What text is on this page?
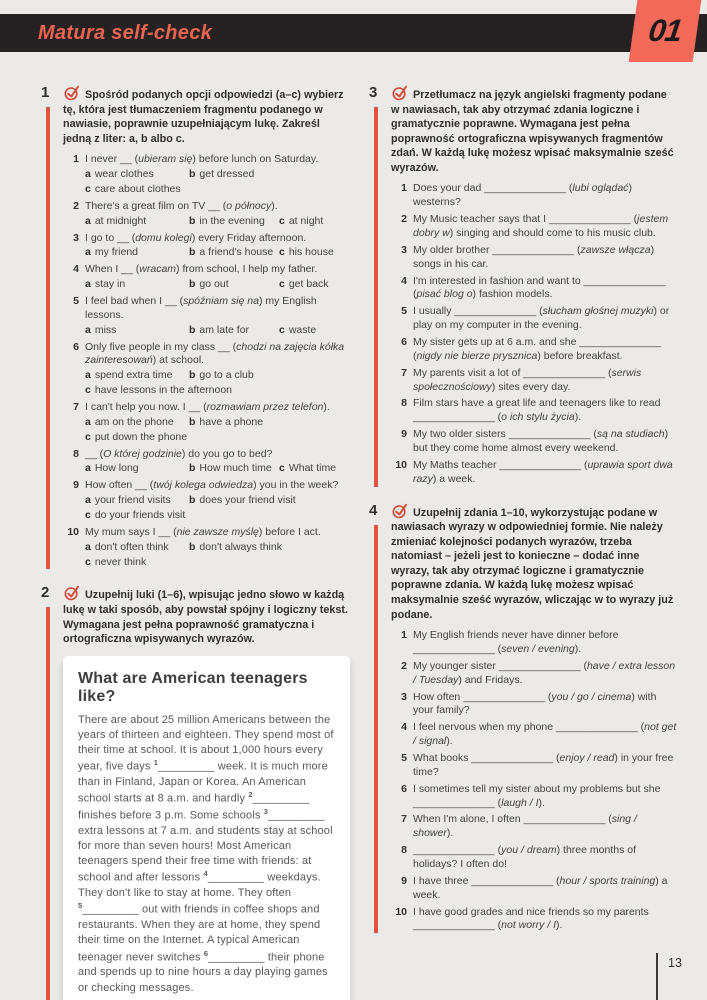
Matura self-check	01
1	Spośród podanych opcji odpowiedzi (a–c) wybierz tę, która jest tłumaczeniem fragmentu podanego w nawiasie, poprawnie uzupełniającym lukę. Zakreśl jedną z liter: a, b albo c.

1 I never __ (ubieram się) before lunch on Saturday.
a wear clothes	b get dressed
c care about clothes
2 There's a great film on TV __ (o północy).
a at midnight	b in the evening c at night
3 I go to __ (domu kolegi) every Friday afternoon.
a my friend	b a friend's house c his house
4 When I __ (wracam) from school, I help my father.
a stay in	b go out	c get back
5 I feel bad when I __ (spóźniam się na) my English lessons.
a miss	b am late for	c waste
6 Only five people in my class __ (chodzi na zajęcia kółka zainteresowań) at school.
a spend extra time b go to a club
c have lessons in the afternoon
7 I can't help you now. I __ (rozmawiam przez telefon).
a am on the phone b have a phone
c put down the phone
8 __ (O której godzinie) do you go to bed?
a How long	b How much time c What time
9 How often __ (twój kolega odwiedza) you in the week?
a your friend visits b does your friend visit
c do your friends visit
10 My mum says I __ (nie zawsze myślę) before I act.
a don't often think b don't always think
c never think
2	Uzupełnij luki (1–6), wpisując jedno słowo w każdą lukę w taki sposób, aby powstał spójny i logiczny tekst. Wymagana jest pełna poprawność gramatyczna i ortograficzna wpisywanych wyrazów.

What are American teenagers like?

There are about 25 million Americans between the years of thirteen and eighteen. They spend most of their time at school. It is about 1,000 hours every year, five days $^1$_________ week. It is much more than in Finland, Japan or Korea. An American school starts at 8 a.m. and hardly $^2$_________ finishes before 3 p.m. Some schools $^3$_________ extra lessons at 7 a.m. and students stay at school for more than seven hours! Most American teenagers spend their free time with friends: at school and after lessons $^4$_________ weekdays. They don't like to stay at home. They often $^5$_________ out with friends in coffee shops and restaurants. When they are at home, they spend their time on the Internet. A typical American teenager never switches $^6$_________ their phone and spends up to nine hours a day playing games or checking messages.

3	Przetłumacz na język angielski fragmenty podane w nawiasach, tak aby otrzymać zdania logiczne i gramatycznie poprawne. Wymagana jest pełna poprawność ortograficzna wpisywanych fragmentów zdań. W każdą lukę możesz wpisać maksymalnie sześć wyrazów.

1 Does your dad ______________ (lubi oglądać) westerns?
2 My Music teacher says that I ______________ (jestem dobry w) singing and should come to his music club.
3 My older brother ______________ (zawsze włącza) songs in his car.
4 I'm interested in fashion and want to ______________ (pisać blog o) fashion models.
5 I usually ______________ (słucham głośnej muzyki) or play on my computer in the evening.
6 My sister gets up at 6 a.m. and she ______________ (nigdy nie bierze prysznica) before breakfast.
7 My parents visit a lot of ______________ (serwis społecznościowy) sites every day.
8 Film stars have a great life and teenagers like to read ______________ (o ich stylu życia).
9 My two older sisters ______________ (są na studiach) but they come home almost every weekend.
10 My Maths teacher ______________ (uprawia sport dwa razy) a week.
4	Uzupełnij zdania 1–10, wykorzystując podane w nawiasach wyrazy w odpowiedniej formie. Nie należy zmieniać kolejności podanych wyrazów, trzeba natomiast – jeżeli jest to konieczne – dodać inne wyrazy, tak aby otrzymać logiczne i gramatycznie poprawne zdania. W każdą lukę możesz wpisać maksymalnie sześć wyrazów, wliczając w to wyrazy już podane.

1 My English friends never have dinner before ______________ (seven / evening).
2 My younger sister ______________ (have / extra lesson / Tuesday) and Fridays.
3 How often ______________ (you / go / cinema) with your family?
4 I feel nervous when my phone ______________ (not get / signal).
5 What books ______________ (enjoy / read) in your free time?
6 I sometimes tell my sister about my problems but she ______________ (laugh / I).
7 When I'm alone, I often ______________ (sing / shower).
8 ______________ (you / dream) three months of holidays? I often do!
9 I have three ______________ (hour / sports training) a week.
10 I have good grades and nice friends so my parents ______________ (not worry / I).
13
